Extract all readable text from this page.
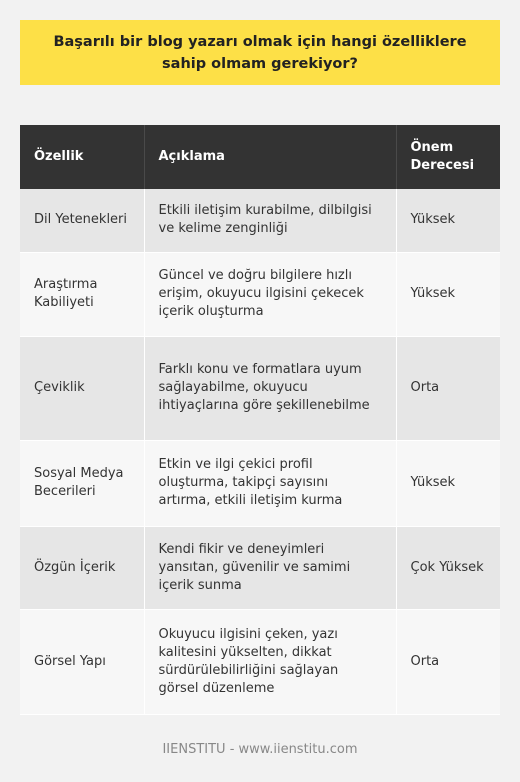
Başarılı bir blog yazarı olmak için hangi özelliklere sahip olmam gerekiyor?
Özellik	Açıklama	Önem Derecesi
Dil Yetenekleri	Etkili iletişim kurabilme, dilbilgisi ve kelime zenginliği	Yüksek
Araştırma Kabiliyeti	Güncel ve doğru bilgilere hızlı erişim, okuyucu ilgisini çekecek içerik oluşturma	Yüksek
Çeviklik	Farklı konu ve formatlara uyum sağlayabilme, okuyucu ihtiyaçlarına göre şekillenebilme	Orta
Sosyal Medya Becerileri	Etkin ve ilgi çekici profil oluşturma, takipçi sayısını artırma, etkili iletişim kurma	Yüksek
Özgün İçerik	Kendi fikir ve deneyimleri yansıtan, güvenilir ve samimi içerik sunma	Çok Yüksek
Görsel Yapı	Okuyucu ilgisini çeken, yazı kalitesini yükselten, dikkat sürdürülebilirliğini sağlayan görsel düzenleme	Orta
IIENSTITU - www.iienstitu.com
